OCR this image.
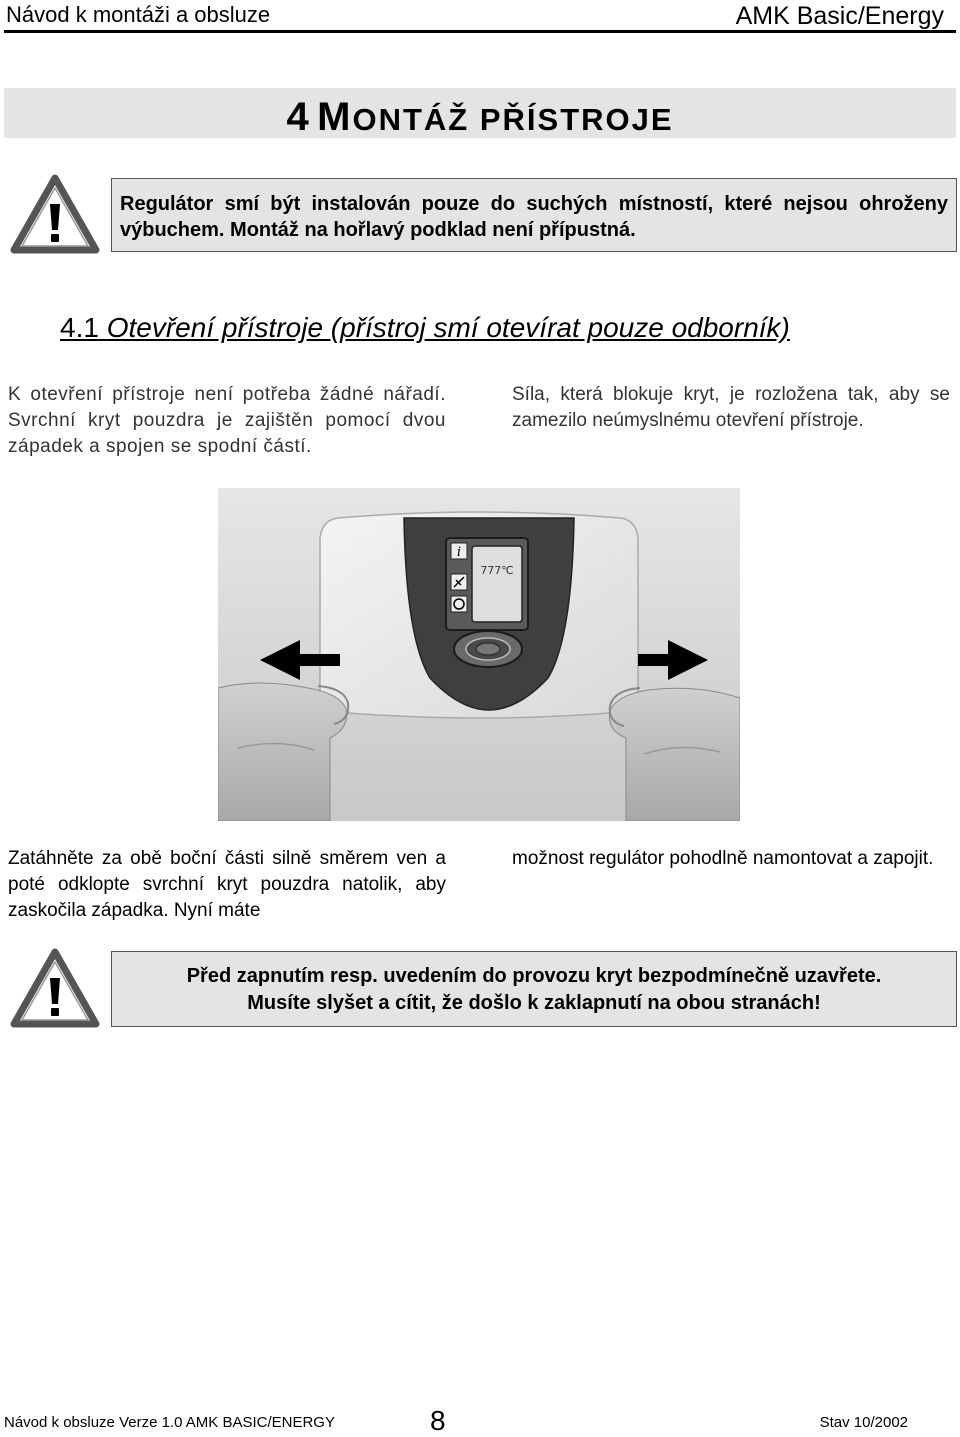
Návod k montáži a obsluze	AMK Basic/Energy
4 MONTÁŽ PŘÍSTROJE
Regulátor smí být instalován pouze do suchých místností, které nejsou ohroženy výbuchem. Montáž na hořlavý podklad není přípustná.
4.1 Otevření přístroje (přístroj smí otevírat pouze odborník)
K otevření přístroje není potřeba žádné nářadí. Svrchní kryt pouzdra je zajištěn pomocí dvou západek a spojen se spodní částí.
Síla, která blokuje kryt, je rozložena tak, aby se zamezilo neúmyslnému otevření přístroje.
777℃
i
Zatáhněte za obě boční části silně směrem ven a poté odklopte svrchní kryt pouzdra natolik, aby zaskočila západka. Nyní máte
možnost regulátor pohodlně namontovat a zapojit.
Před zapnutím resp. uvedením do provozu kryt bezpodmínečně uzavřete.
Musíte slyšet a cítit, že došlo k zaklapnutí na obou stranách!
Návod k obsluze Verze 1.0 AMK BASIC/ENERGY	8	Stav 10/2002
